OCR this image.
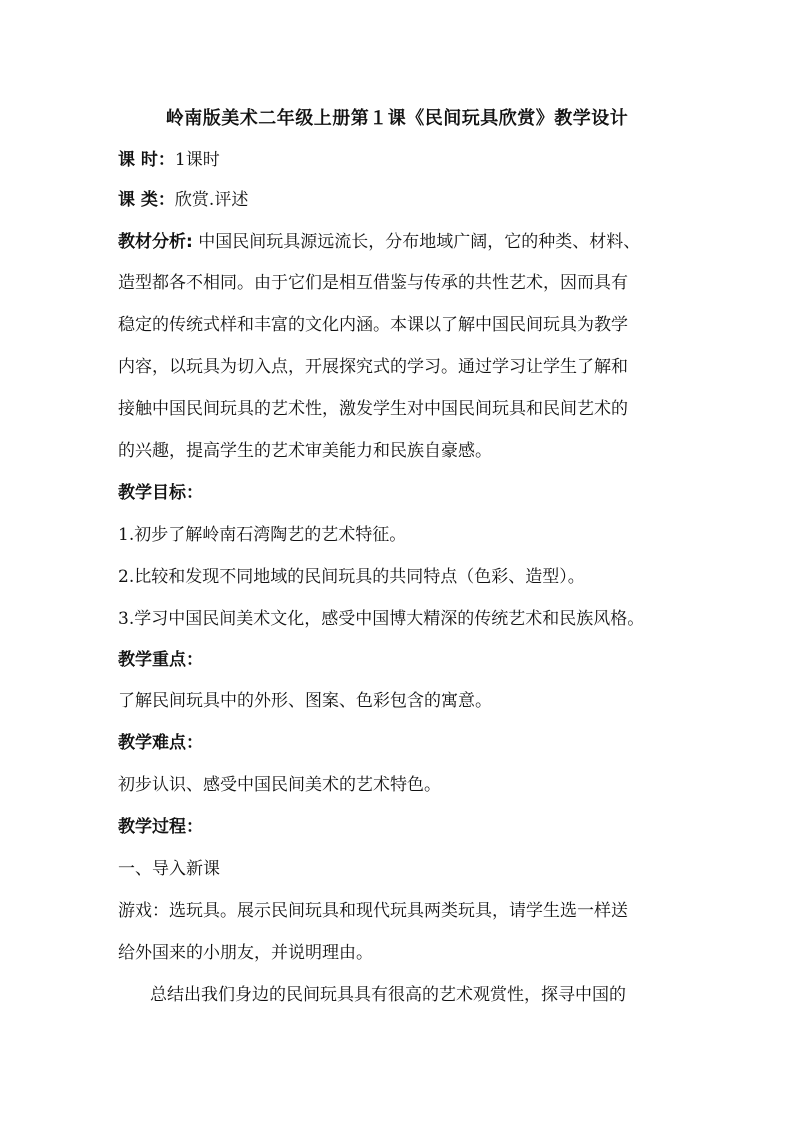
岭南版美术二年级上册第１课《民间玩具欣赏》教学设计
课 时：1课时
课 类：欣赏.评述
教材分析: 中国民间玩具源远流长，分布地域广阔，它的种类、材料、
造型都各不相同。由于它们是相互借鉴与传承的共性艺术，因而具有
稳定的传统式样和丰富的文化内涵。本课以了解中国民间玩具为教学
内容，以玩具为切入点，开展探究式的学习。通过学习让学生了解和
接触中国民间玩具的艺术性，激发学生对中国民间玩具和民间艺术的
的兴趣，提高学生的艺术审美能力和民族自豪感。
教学目标：
1.初步了解岭南石湾陶艺的艺术特征。
2.比较和发现不同地域的民间玩具的共同特点（色彩、造型）。
3.学习中国民间美术文化，感受中国博大精深的传统艺术和民族风格。
教学重点：
了解民间玩具中的外形、图案、色彩包含的寓意。
教学难点：
初步认识、感受中国民间美术的艺术特色。
教学过程：
一、导入新课
游戏：选玩具。展示民间玩具和现代玩具两类玩具，请学生选一样送
给外国来的小朋友，并说明理由。
总结出我们身边的民间玩具具有很高的艺术观赏性，探寻中国的
